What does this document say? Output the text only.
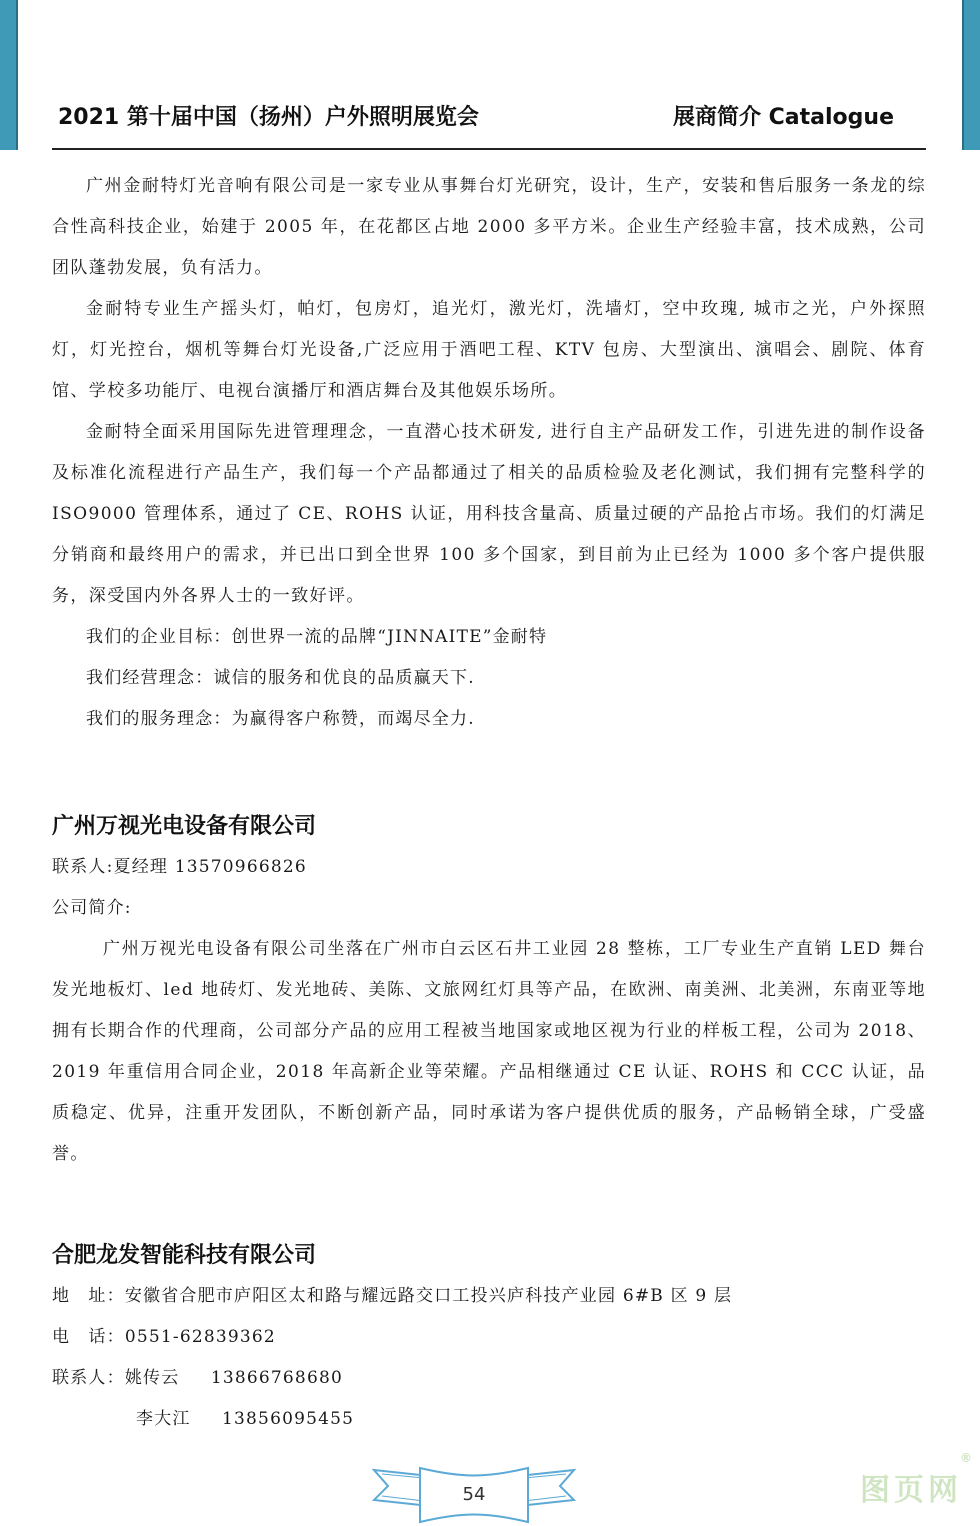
2021 第十届中国（扬州）户外照明展览会	展商简介 Catalogue

广州金耐特灯光音响有限公司是一家专业从事舞台灯光研究，设计，生产，安装和售后服务一条龙的综合性高科技企业，始建于 2005 年，在花都区占地 2000 多平方米。企业生产经验丰富，技术成熟，公司团队蓬勃发展，负有活力。

金耐特专业生产摇头灯，帕灯，包房灯，追光灯，激光灯，洗墙灯，空中玫瑰, 城市之光，户外探照灯，灯光控台，烟机等舞台灯光设备,广泛应用于酒吧工程、KTV 包房、大型演出、演唱会、剧院、体育馆、学校多功能厅、电视台演播厅和酒店舞台及其他娱乐场所。

金耐特全面采用国际先进管理理念，一直潜心技术研发, 进行自主产品研发工作，引进先进的制作设备及标准化流程进行产品生产，我们每一个产品都通过了相关的品质检验及老化测试，我们拥有完整科学的 ISO9000 管理体系，通过了 CE、ROHS 认证，用科技含量高、质量过硬的产品抢占市场。我们的灯满足分销商和最终用户的需求，并已出口到全世界 100 多个国家，到目前为止已经为 1000 多个客户提供服务，深受国内外各界人士的一致好评。

我们的企业目标：创世界一流的品牌“JINNAITE”金耐特

我们经营理念：诚信的服务和优良的品质赢天下.

我们的服务理念：为赢得客户称赞，而竭尽全力.

广州万视光电设备有限公司

联系人:夏经理 13570966826

公司简介:

广州万视光电设备有限公司坐落在广州市白云区石井工业园 28 整栋，工厂专业生产直销 LED 舞台发光地板灯、led 地砖灯、发光地砖、美陈、文旅网红灯具等产品，在欧洲、南美洲、北美洲，东南亚等地拥有长期合作的代理商，公司部分产品的应用工程被当地国家或地区视为行业的样板工程，公司为 2018、2019 年重信用合同企业，2018 年高新企业等荣耀。产品相继通过 CE 认证、ROHS 和 CCC 认证，品质稳定、优异，注重开发团队，不断创新产品，同时承诺为客户提供优质的服务，产品畅销全球，广受盛誉。

合肥龙发智能科技有限公司

地　址：安徽省合肥市庐阳区太和路与耀远路交口工投兴庐科技产业园 6#B 区 9 层

电　话：0551-62839362

联系人：姚传云 13866768680

李大江 13856095455

54	图页网
®
